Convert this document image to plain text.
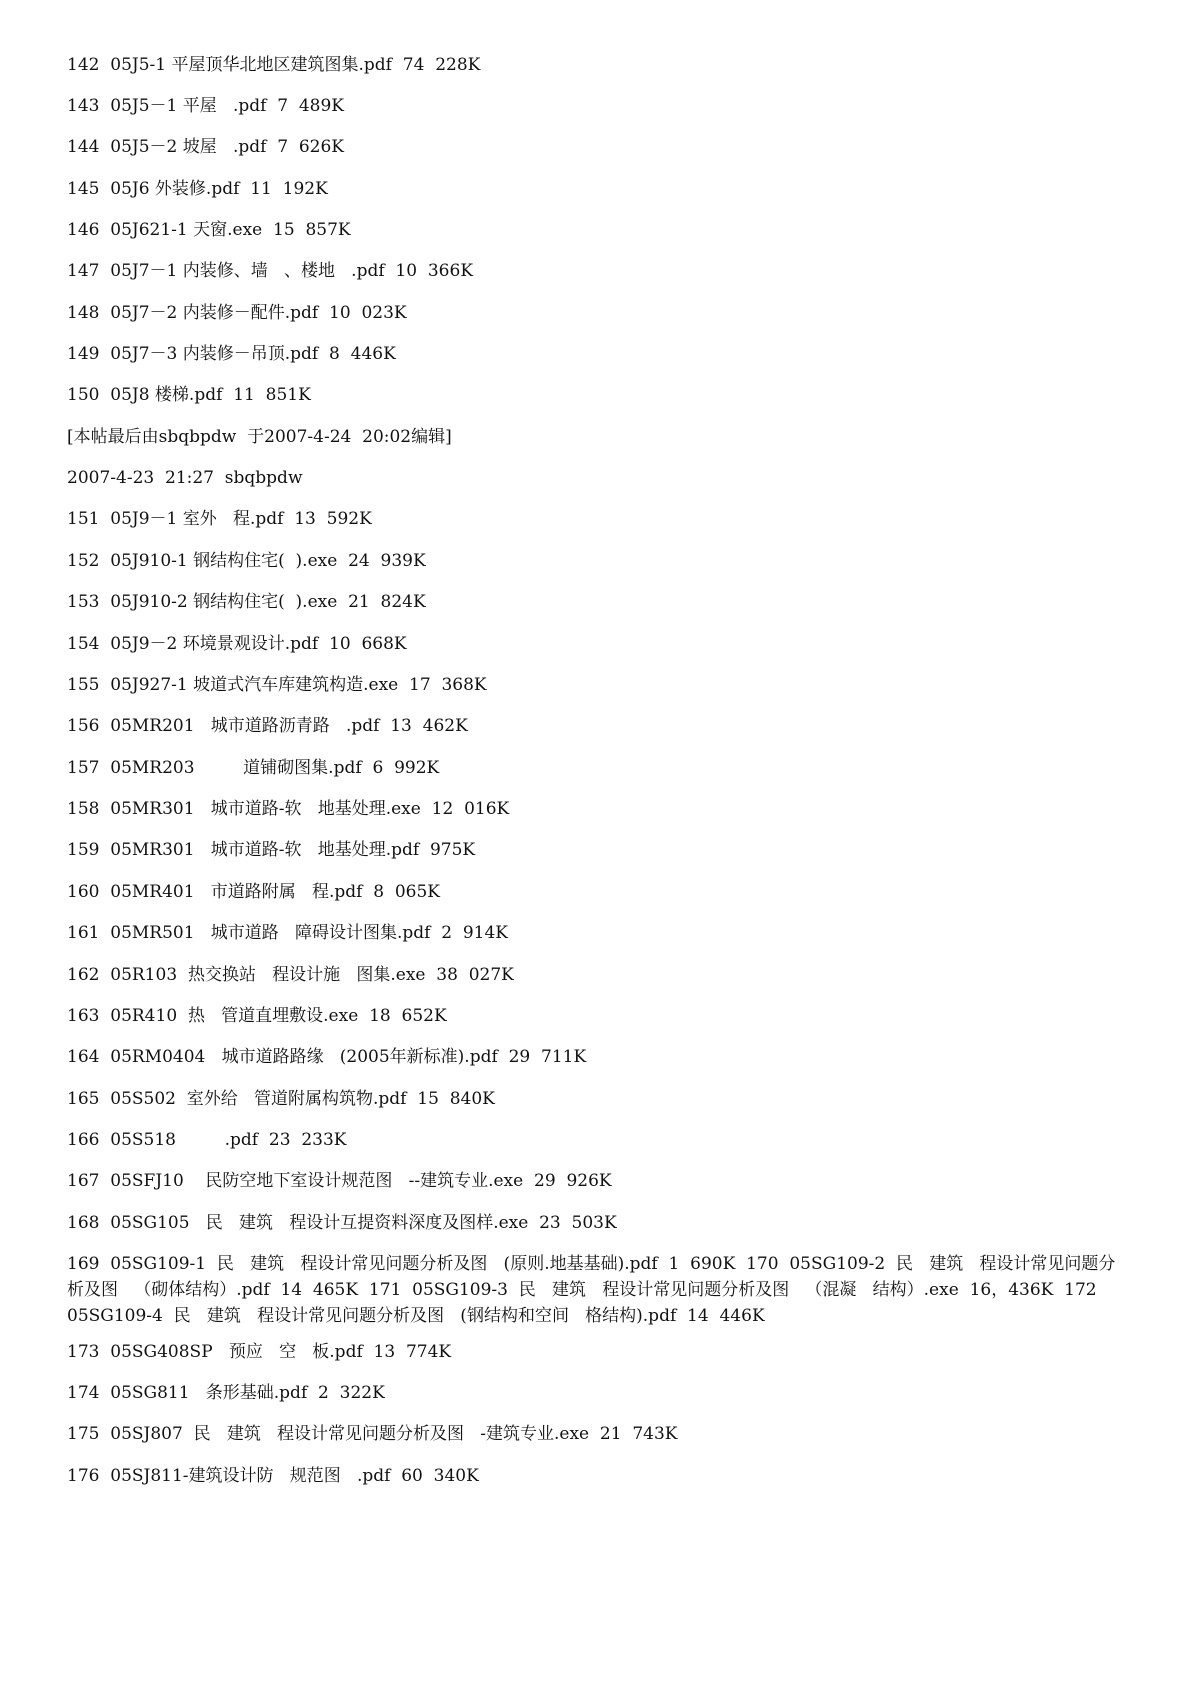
142  05J5-1 平屋顶华北地区建筑图集.pdf  74  228K
143  05J5－1 平屋   .pdf  7  489K
144  05J5－2 坡屋   .pdf  7  626K
145  05J6 外装修.pdf  11  192K
146  05J621-1 天窗.exe  15  857K
147  05J7－1 内装修、墙   、楼地   .pdf  10  366K
148  05J7－2 内装修－配件.pdf  10  023K
149  05J7－3 内装修－吊顶.pdf  8  446K
150  05J8 楼梯.pdf  11  851K
[本帖最后由sbqbpdw  于2007-4-24  20:02编辑]
2007-4-23  21:27  sbqbpdw
151  05J9－1 室外   程.pdf  13  592K
152  05J910-1 钢结构住宅(  ).exe  24  939K
153  05J910-2 钢结构住宅(  ).exe  21  824K
154  05J9－2 环境景观设计.pdf  10  668K
155  05J927-1 坡道式汽车库建筑构造.exe  17  368K
156  05MR201   城市道路沥青路   .pdf  13  462K
157  05MR203         道铺砌图集.pdf  6  992K
158  05MR301   城市道路-软   地基处理.exe  12  016K
159  05MR301   城市道路-软   地基处理.pdf  975K
160  05MR401   市道路附属   程.pdf  8  065K
161  05MR501   城市道路   障碍设计图集.pdf  2  914K
162  05R103  热交换站   程设计施   图集.exe  38  027K
163  05R410  热   管道直埋敷设.exe  18  652K
164  05RM0404   城市道路路缘   (2005年新标准).pdf  29  711K
165  05S502  室外给   管道附属构筑物.pdf  15  840K
166  05S518         .pdf  23  233K
167  05SFJ10    民防空地下室设计规范图   --建筑专业.exe  29  926K
168  05SG105   民   建筑   程设计互提资料深度及图样.exe  23  503K
169  05SG109-1  民   建筑   程设计常见问题分析及图   (原则.地基基础).pdf  1  690K  170  05SG109-2  民   建筑   程设计常见问题分析及图   （砌体结构）.pdf  14  465K  171  05SG109-3  民   建筑   程设计常见问题分析及图   （混凝   结构）.exe  16，436K  172  05SG109-4  民   建筑   程设计常见问题分析及图   (钢结构和空间   格结构).pdf  14  446K
173  05SG408SP   预应   空   板.pdf  13  774K
174  05SG811   条形基础.pdf  2  322K
175  05SJ807  民   建筑   程设计常见问题分析及图   -建筑专业.exe  21  743K
176  05SJ811-建筑设计防   规范图   .pdf  60  340K
